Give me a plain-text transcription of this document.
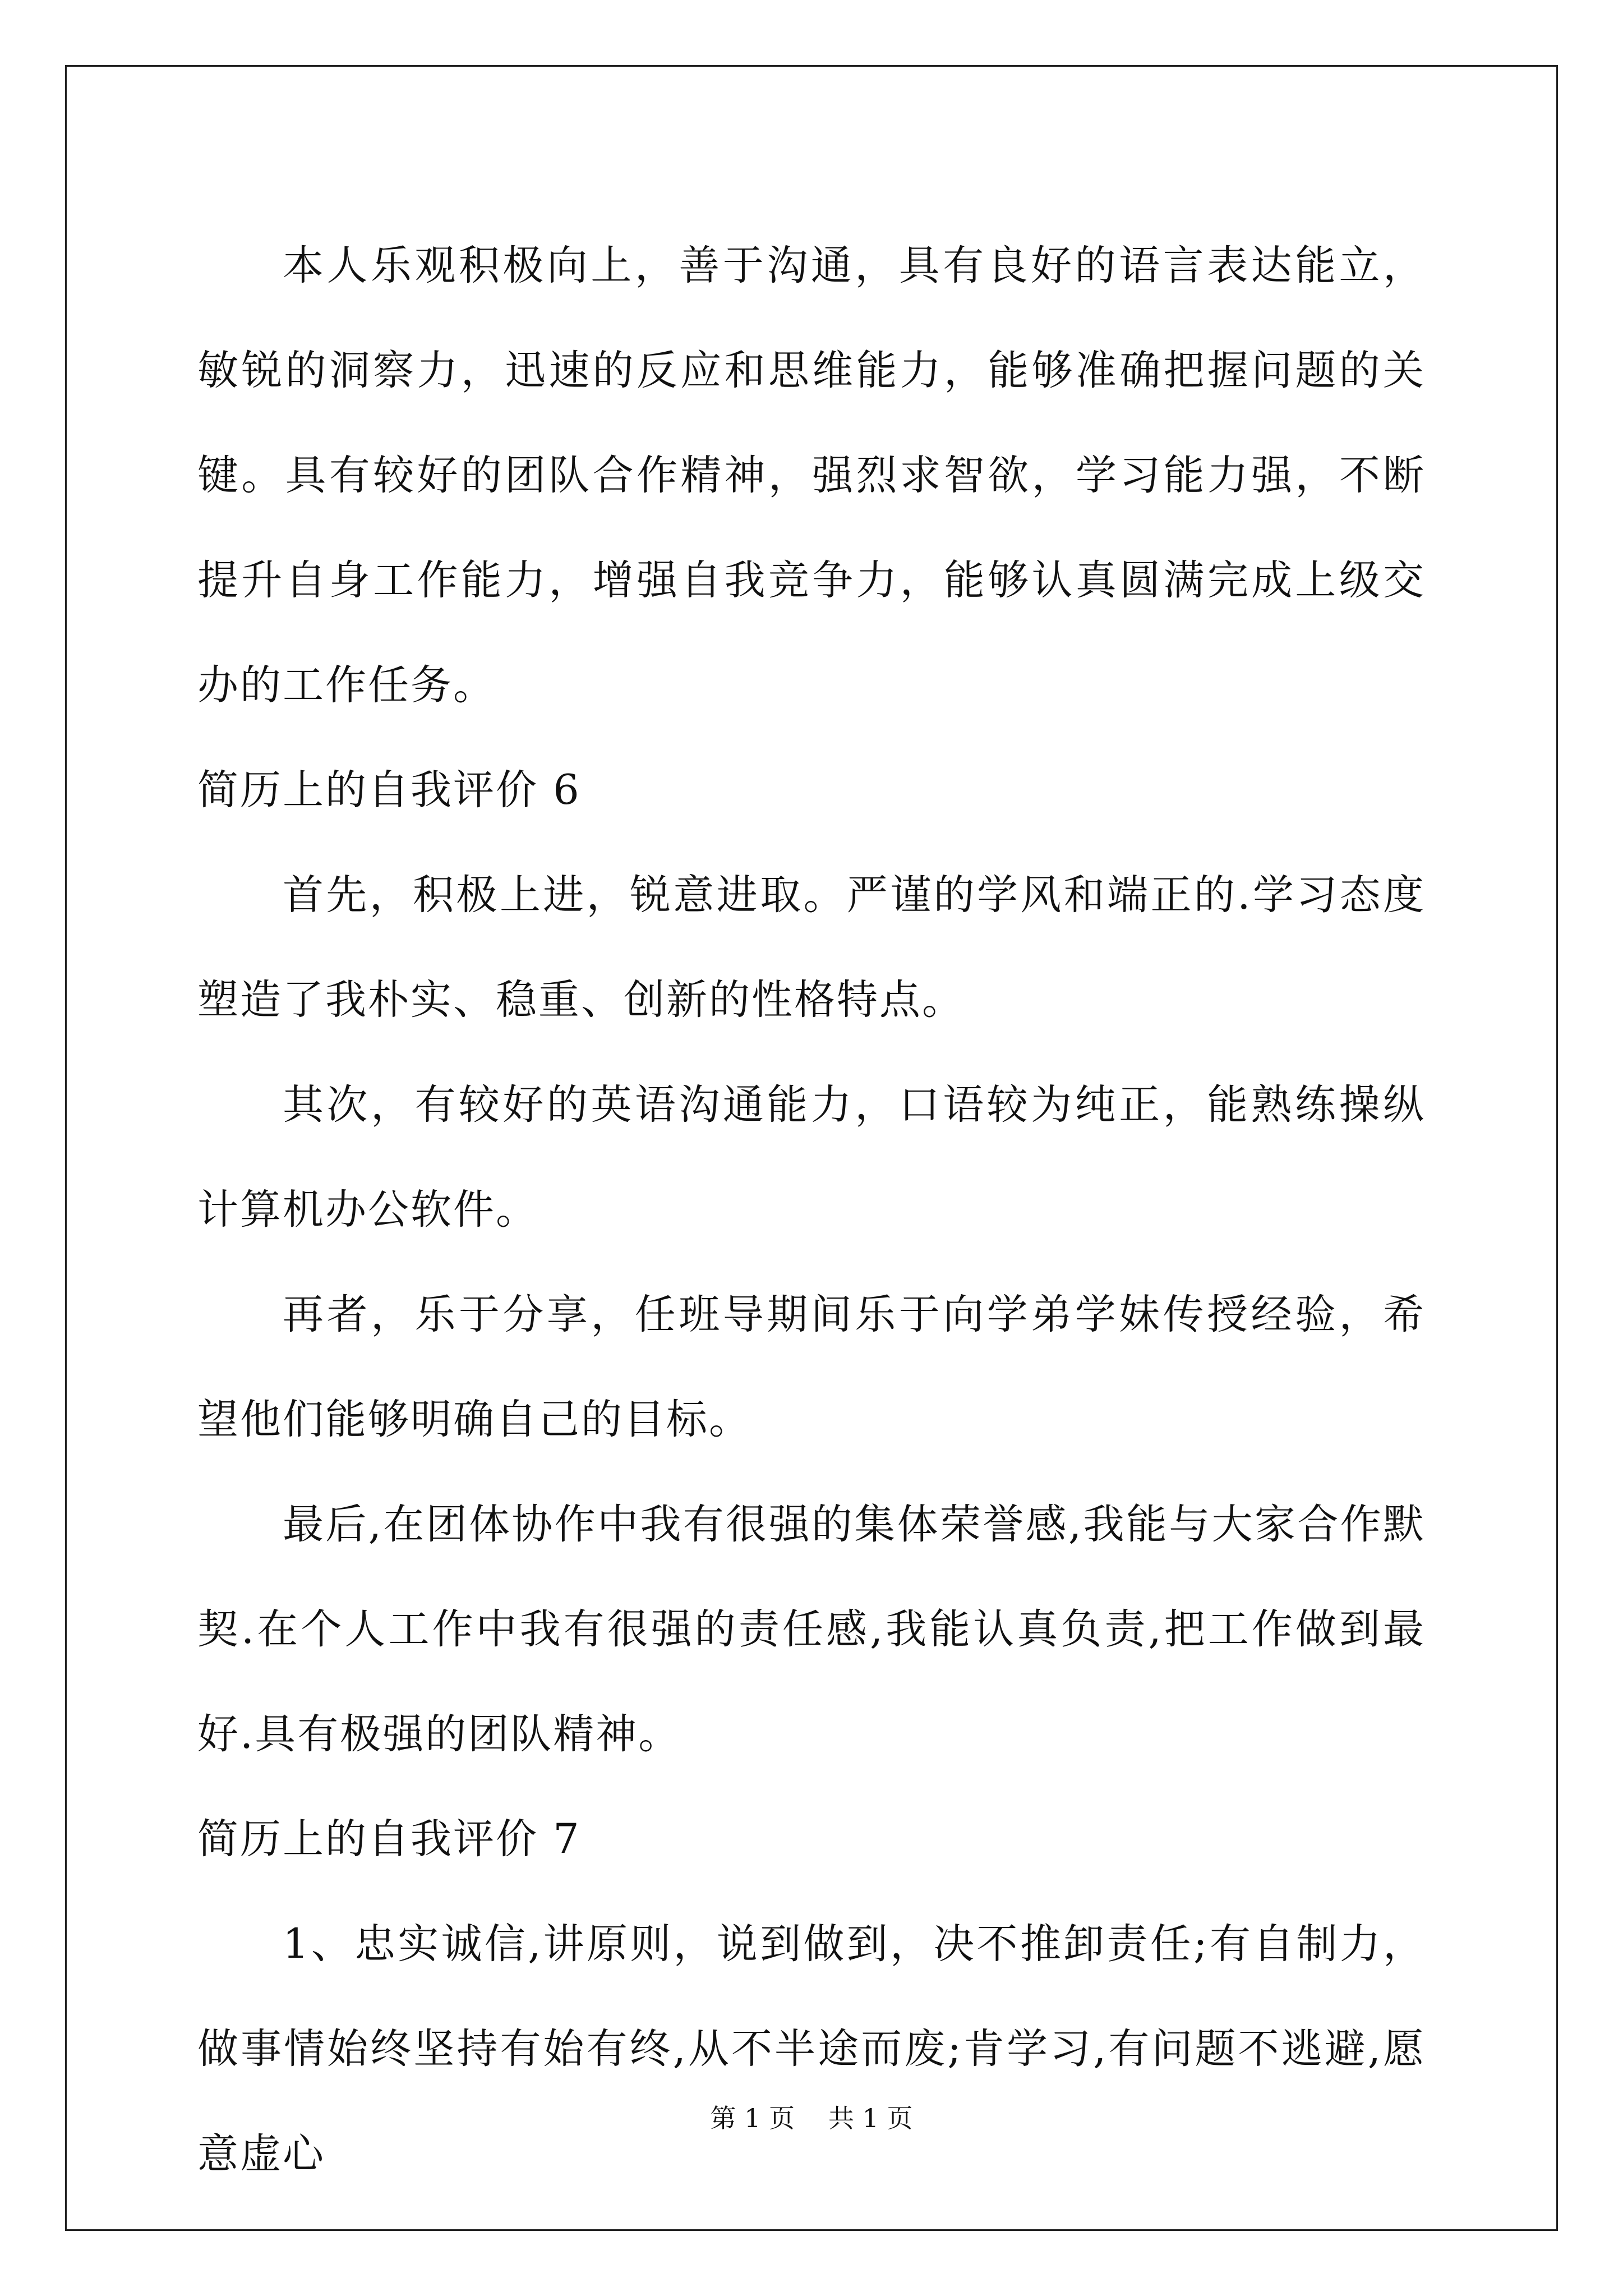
本人乐观积极向上，善于沟通，具有良好的语言表达能立，敏锐的洞察力，迅速的反应和思维能力，能够准确把握问题的关键。具有较好的团队合作精神，强烈求智欲，学习能力强，不断提升自身工作能力，增强自我竞争力，能够认真圆满完成上级交办的工作任务。

简历上的自我评价 6

首先，积极上进，锐意进取。严谨的学风和端正的.学习态度塑造了我朴实、稳重、创新的性格特点。

其次，有较好的英语沟通能力，口语较为纯正，能熟练操纵计算机办公软件。

再者，乐于分享，任班导期间乐于向学弟学妹传授经验，希望他们能够明确自己的目标。

最后,在团体协作中我有很强的集体荣誉感,我能与大家合作默契.在个人工作中我有很强的责任感,我能认真负责,把工作做到最好.具有极强的团队精神。

简历上的自我评价 7

1、忠实诚信,讲原则，说到做到，决不推卸责任;有自制力，做事情始终坚持有始有终,从不半途而废;肯学习,有问题不逃避,愿意虚心

第 1 页 共 1 页
